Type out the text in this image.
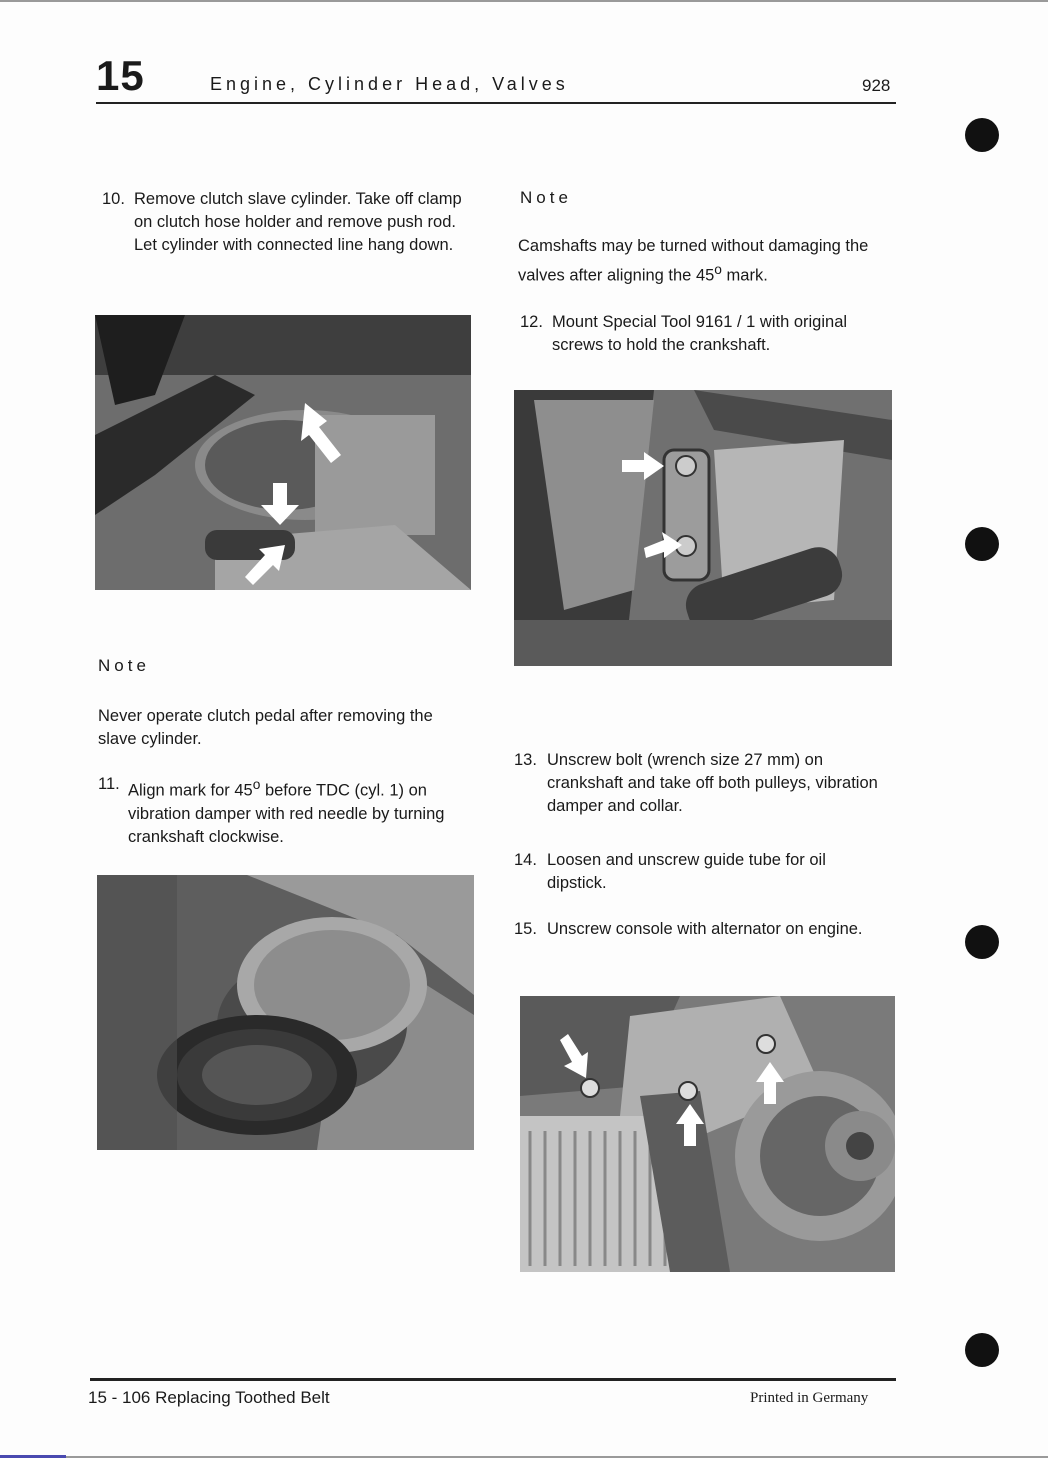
15	Engine, Cylinder Head, Valves	928
10. Remove clutch slave cylinder. Take off clamp on clutch hose holder and remove push rod. Let cylinder with connected line hang down.
Note
Never operate clutch pedal after removing the slave cylinder.
11. Align mark for 45$^o$ before TDC (cyl. 1) on vibration damper with red needle by turning crankshaft clockwise.
Note
Camshafts may be turned without damaging the valves after aligning the 45$^o$ mark.
12. Mount Special Tool 9161 / 1 with original screws to hold the crankshaft.
13. Unscrew bolt (wrench size 27 mm) on crankshaft and take off both pulleys, vibration damper and collar.
14. Loosen and unscrew guide tube for oil dipstick.
15. Unscrew console with alternator on engine.
15 - 106 Replacing Toothed Belt	Printed in Germany
